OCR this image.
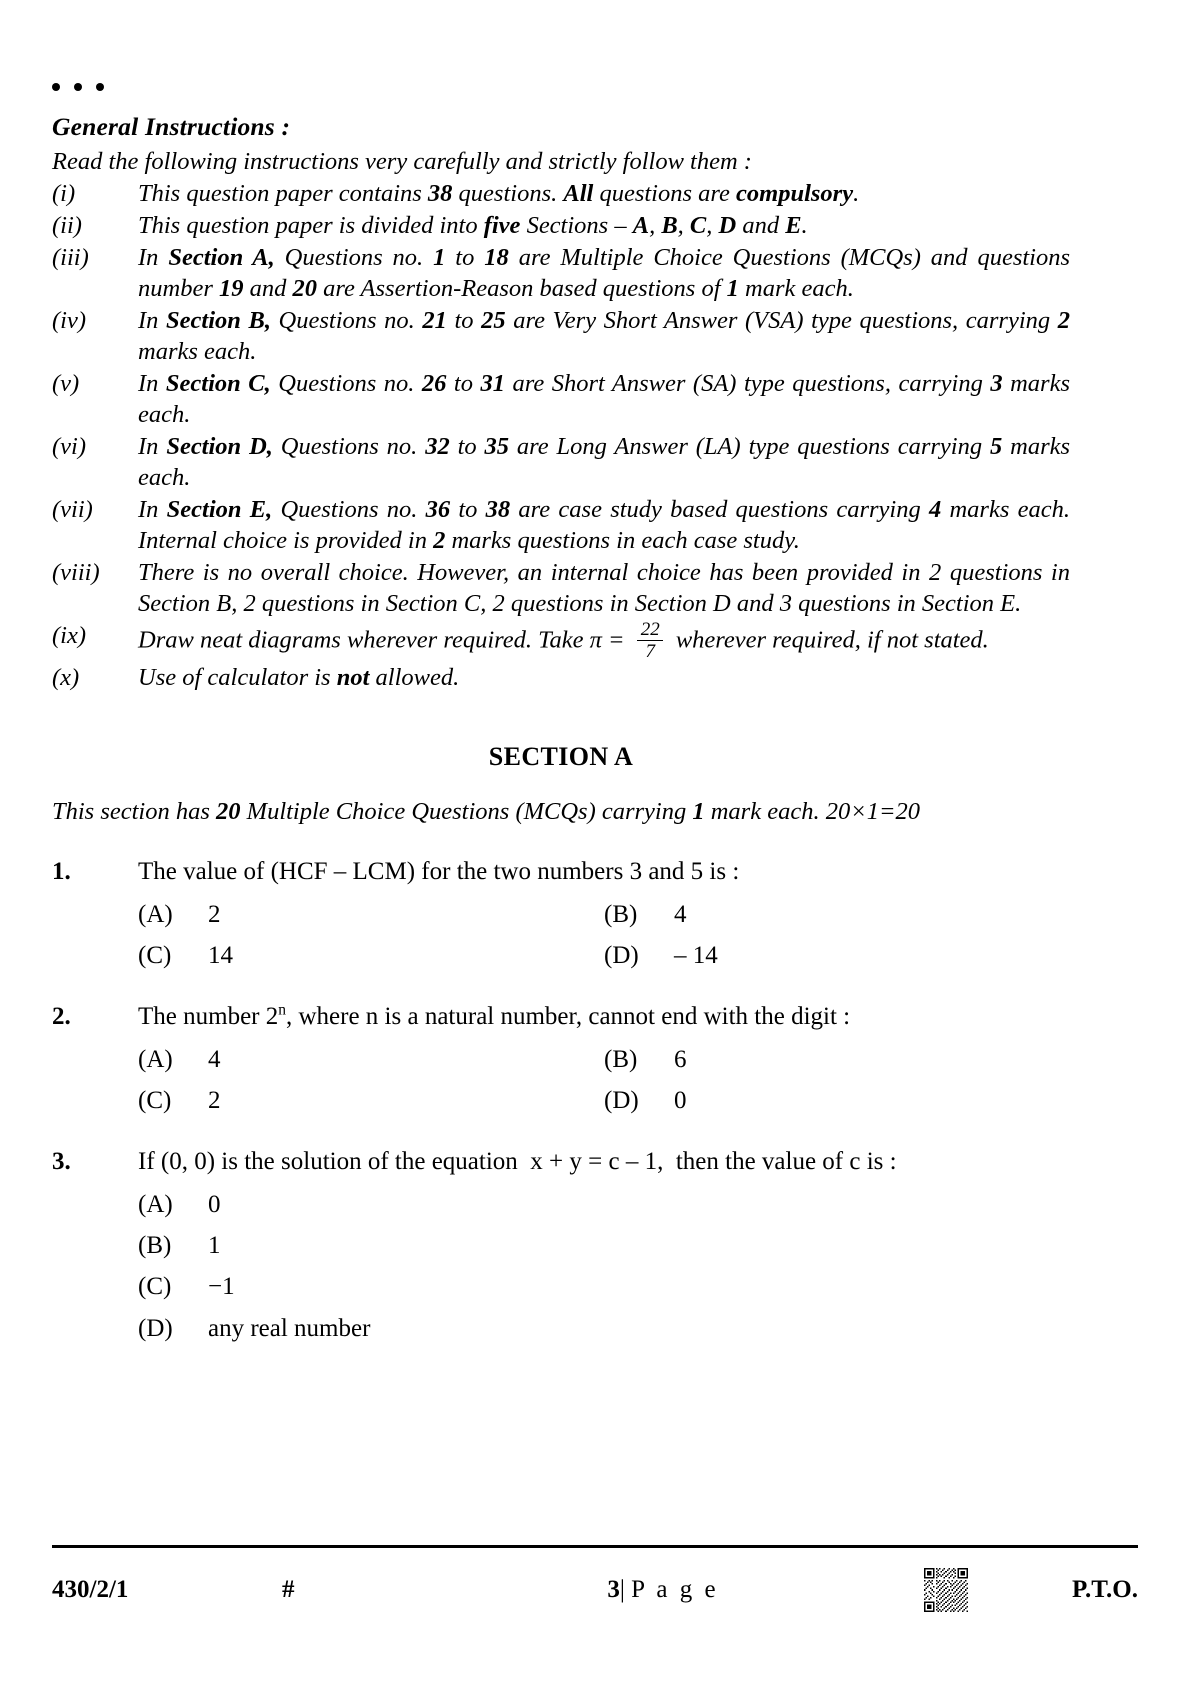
General Instructions :
Read the following instructions very carefully and strictly follow them :
(i)	This question paper contains 38 questions. All questions are compulsory.
(ii)	This question paper is divided into five Sections – A, B, C, D and E.
(iii)	In Section A, Questions no. 1 to 18 are Multiple Choice Questions (MCQs) and questions number 19 and 20 are Assertion-Reason based questions of 1 mark each.
(iv)	In Section B, Questions no. 21 to 25 are Very Short Answer (VSA) type questions, carrying 2 marks each.
(v)	In Section C, Questions no. 26 to 31 are Short Answer (SA) type questions, carrying 3 marks each.
(vi)	In Section D, Questions no. 32 to 35 are Long Answer (LA) type questions carrying 5 marks each.
(vii)	In Section E, Questions no. 36 to 38 are case study based questions carrying 4 marks each. Internal choice is provided in 2 marks questions in each case study.
(viii)	There is no overall choice. However, an internal choice has been provided in 2 questions in Section B, 2 questions in Section C, 2 questions in Section D and 3 questions in Section E.
(ix)	Draw neat diagrams wherever required. Take $\pi = \frac{22}{7}$ wherever required, if not stated.
(x)	Use of calculator is not allowed.
SECTION A
This section has 20 Multiple Choice Questions (MCQs) carrying 1 mark each. 20×1=20
1.	The value of (HCF – LCM) for the two numbers 3 and 5 is :
(A)	2	(B)	4
(C)	14	(D)	– 14
2.	The number 2$^n$, where n is a natural number, cannot end with the digit :
(A)	4	(B)	6
(C)	2	(D)	0
3.	If (0, 0) is the solution of the equation  x + y = c – 1,  then the value of c is :
(A)	0
(B)	1
(C)	−1
(D)	any real number
430/2/1	#	3| P a g e	P.T.O.
